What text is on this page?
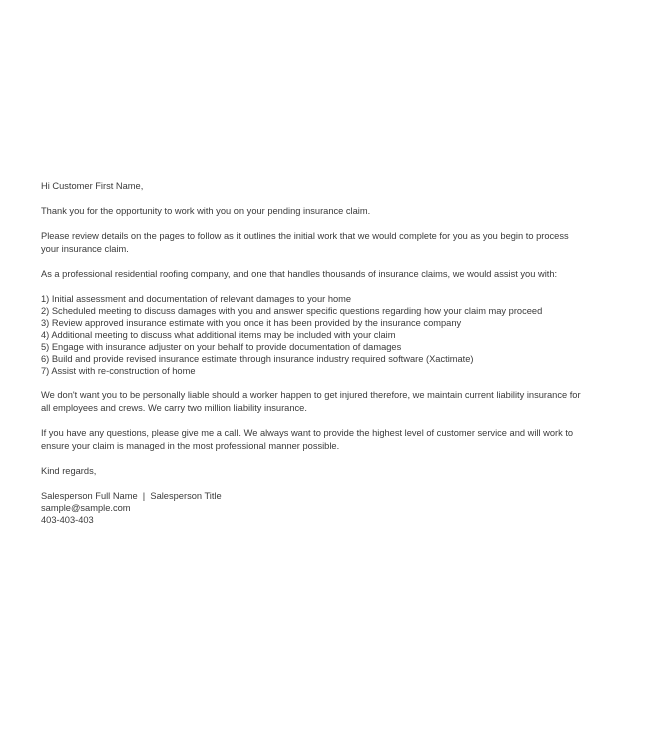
Hi Customer First Name,

Thank you for the opportunity to work with you on your pending insurance claim.

Please review details on the pages to follow as it outlines the initial work that we would complete for you as you begin to process your insurance claim.

As a professional residential roofing company, and one that handles thousands of insurance claims, we would assist you with:

1) Initial assessment and documentation of relevant damages to your home
2) Scheduled meeting to discuss damages with you and answer specific questions regarding how your claim may proceed
3) Review approved insurance estimate with you once it has been provided by the insurance company
4) Additional meeting to discuss what additional items may be included with your claim
5) Engage with insurance adjuster on your behalf to provide documentation of damages
6) Build and provide revised insurance estimate through insurance industry required software (Xactimate)
7) Assist with re-construction of home

We don't want you to be personally liable should a worker happen to get injured therefore, we maintain current liability insurance for all employees and crews. We carry two million liability insurance.

If you have any questions, please give me a call. We always want to provide the highest level of customer service and will work to ensure your claim is managed in the most professional manner possible.

Kind regards,

Salesperson Full Name  |  Salesperson Title

sample@sample.com

403-403-403
